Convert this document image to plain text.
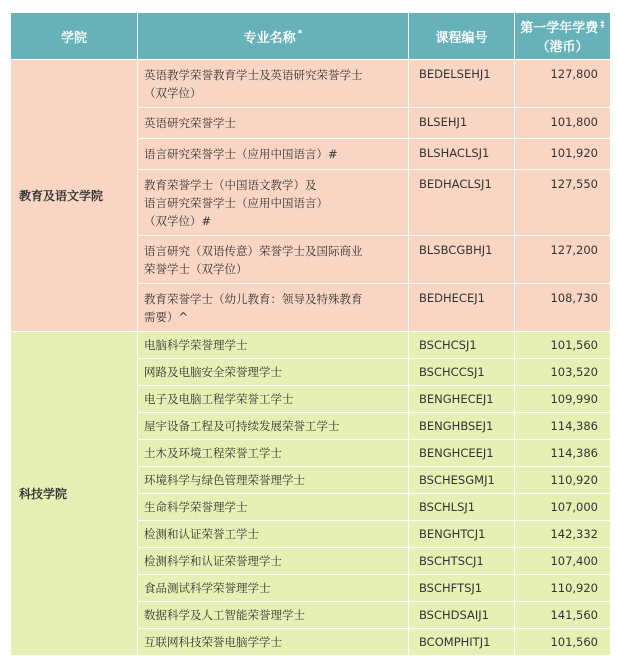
学院	专业名称 *	课程编号	第一学年学费 ‡
（港币）
教育及语文学院	英语教学荣誉教育学士及英语研究荣誉学士
（双学位）	BEDELSEHJ1	127,800
	英语研究荣誉学士	BLSEHJ1	101,800
	语言研究荣誉学士（应用中国语言）#	BLSHACLSJ1	101,920
	教育荣誉学士（中国语文教学）及
语言研究荣誉学士（应用中国语言）
（双学位）#	BEDHACLSJ1	127,550
	语言研究（双语传意）荣誉学士及国际商业
荣誉学士（双学位）	BLSBCGBHJ1	127,200
	教育荣誉学士（幼儿教育：领导及特殊教育
需要）^	BEDHECEJ1	108,730
科技学院	电脑科学荣誉理学士	BSCHCSJ1	101,560
	网路及电脑安全荣誉理学士	BSCHCCSJ1	103,520
	电子及电脑工程学荣誉工学士	BENGHECEJ1	109,990
	屋宇设备工程及可持续发展荣誉工学士	BENGHBSEJ1	114,386
	土木及环境工程荣誉工学士	BENGHCEEJ1	114,386
	环境科学与绿色管理荣誉理学士	BSCHESGMJ1	110,920
	生命科学荣誉理学士	BSCHLSJ1	107,000
	检测和认证荣誉工学士	BENGHTCJ1	142,332
	检测科学和认证荣誉理学士	BSCHTSCJ1	107,400
	食品测试科学荣誉理学士	BSCHFTSJ1	110,920
	数据科学及人工智能荣誉理学士	BSCHDSAIJ1	141,560
	互联网科技荣誉电脑学学士	BCOMPHITJ1	101,560
